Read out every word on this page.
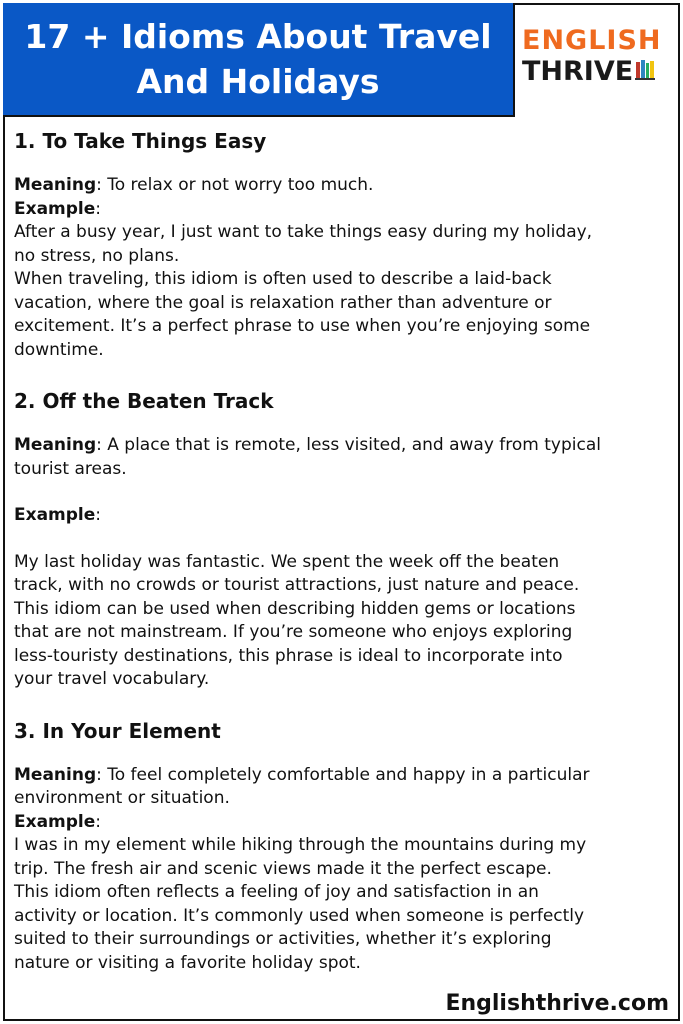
17 + Idioms About Travel And Holidays
ENGLISH
THRIVE
1. To Take Things Easy

Meaning: To relax or not worry too much.

Example:

After a busy year, I just want to take things easy during my holiday,

no stress, no plans.

When traveling, this idiom is often used to describe a laid-back

vacation, where the goal is relaxation rather than adventure or

excitement. It’s a perfect phrase to use when you’re enjoying some

downtime.

2. Off the Beaten Track

Meaning: A place that is remote, less visited, and away from typical

tourist areas.

Example:

My last holiday was fantastic. We spent the week off the beaten

track, with no crowds or tourist attractions, just nature and peace.

This idiom can be used when describing hidden gems or locations

that are not mainstream. If you’re someone who enjoys exploring

less-touristy destinations, this phrase is ideal to incorporate into

your travel vocabulary.

3. In Your Element

Meaning: To feel completely comfortable and happy in a particular

environment or situation.

Example:

I was in my element while hiking through the mountains during my

trip. The fresh air and scenic views made it the perfect escape.

This idiom often reflects a feeling of joy and satisfaction in an

activity or location. It’s commonly used when someone is perfectly

suited to their surroundings or activities, whether it’s exploring

nature or visiting a favorite holiday spot.

Englishthrive.com
